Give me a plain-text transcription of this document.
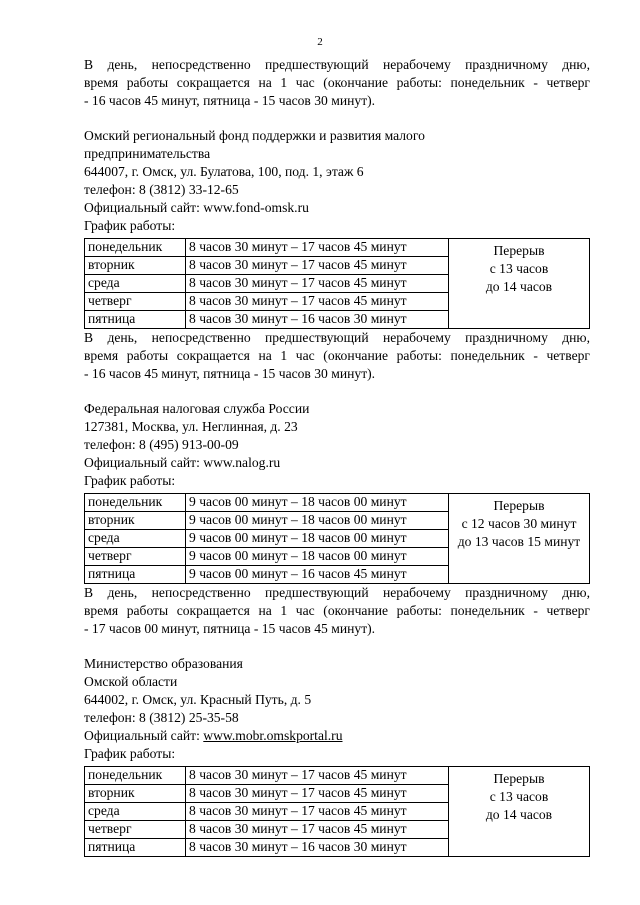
2

В день, непосредственно предшествующий нерабочему праздничному дню,
время работы сокращается на 1 час (окончание работы: понедельник - четверг
- 16 часов 45 минут, пятница - 15 часов 30 минут).

Омский региональный фонд поддержки и развития малого
предпринимательства
644007, г. Омск, ул. Булатова, 100, под. 1, этаж 6
телефон: 8 (3812) 33-12-65
Официальный сайт: www.fond-omsk.ru
График работы:
понедельник	8 часов 30 минут – 17 часов 45 минут	Перерыв
с 13 часов
до 14 часов

вторник	8 часов 30 минут – 17 часов 45 минут	
среда	8 часов 30 минут – 17 часов 45 минут	
четверг	8 часов 30 минут – 17 часов 45 минут	
пятница	8 часов 30 минут – 16 часов 30 минут	

В день, непосредственно предшествующий нерабочему праздничному дню,
время работы сокращается на 1 час (окончание работы: понедельник - четверг
- 16 часов 45 минут, пятница - 15 часов 30 минут).

Федеральная налоговая служба России
127381, Москва, ул. Неглинная, д. 23
телефон: 8 (495) 913-00-09
Официальный сайт: www.nalog.ru
График работы:
понедельник	9 часов 00 минут – 18 часов 00 минут	Перерыв
с 12 часов 30 минут
до 13 часов 15 минут

вторник	9 часов 00 минут – 18 часов 00 минут	
среда	9 часов 00 минут – 18 часов 00 минут	
четверг	9 часов 00 минут – 18 часов 00 минут	
пятница	9 часов 00 минут – 16 часов 45 минут	

В день, непосредственно предшествующий нерабочему праздничному дню,
время работы сокращается на 1 час (окончание работы: понедельник - четверг
- 17 часов 00 минут, пятница - 15 часов 45 минут).

Министерство образования
Омской области
644002, г. Омск, ул. Красный Путь, д. 5
телефон: 8 (3812) 25-35-58
Официальный сайт: www.mobr.omskportal.ru
График работы:
понедельник	8 часов 30 минут – 17 часов 45 минут	Перерыв
с 13 часов
до 14 часов

вторник	8 часов 30 минут – 17 часов 45 минут	
среда	8 часов 30 минут – 17 часов 45 минут	
четверг	8 часов 30 минут – 17 часов 45 минут	
пятница	8 часов 30 минут – 16 часов 30 минут	
